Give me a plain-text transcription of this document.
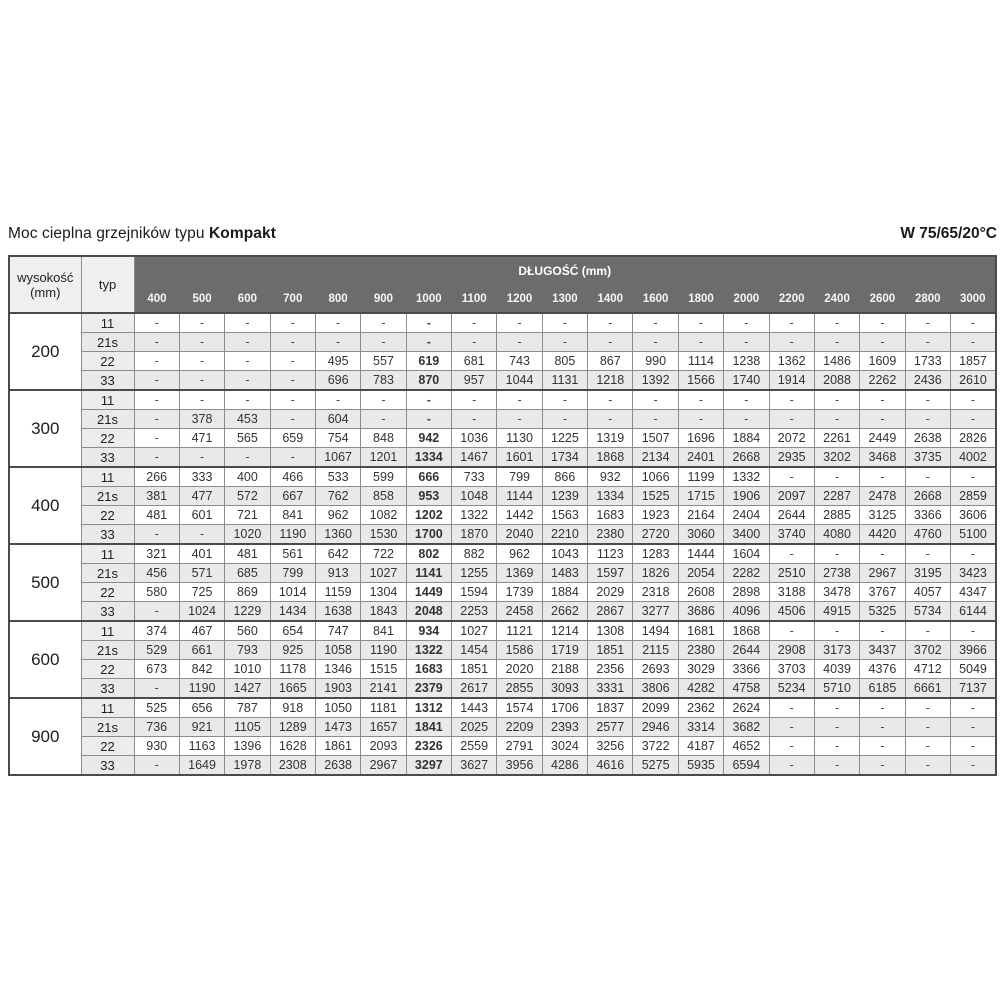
Moc cieplna grzejników typu Kompakt	W 75/65/20°C
wysokość (mm)	typ	DŁUGOŚĆ (mm)																		
		400	500	600	700	800	900	1000	1100	1200	1300	1400	1600	1800	2000	2200	2400	2600	2800	3000
200	11	-	-	-	-	-	-	-	-	-	-	-	-	-	-	-	-	-	-	-
	21s	-	-	-	-	-	-	-	-	-	-	-	-	-	-	-	-	-	-	-
	22	-	-	-	-	495	557	619	681	743	805	867	990	1114	1238	1362	1486	1609	1733	1857
	33	-	-	-	-	696	783	870	957	1044	1131	1218	1392	1566	1740	1914	2088	2262	2436	2610
300	11	-	-	-	-	-	-	-	-	-	-	-	-	-	-	-	-	-	-	-
	21s	-	378	453	-	604	-	-	-	-	-	-	-	-	-	-	-	-	-	-
	22	-	471	565	659	754	848	942	1036	1130	1225	1319	1507	1696	1884	2072	2261	2449	2638	2826
	33	-	-	-	-	1067	1201	1334	1467	1601	1734	1868	2134	2401	2668	2935	3202	3468	3735	4002
400	11	266	333	400	466	533	599	666	733	799	866	932	1066	1199	1332	-	-	-	-	-
	21s	381	477	572	667	762	858	953	1048	1144	1239	1334	1525	1715	1906	2097	2287	2478	2668	2859
	22	481	601	721	841	962	1082	1202	1322	1442	1563	1683	1923	2164	2404	2644	2885	3125	3366	3606
	33	-	-	1020	1190	1360	1530	1700	1870	2040	2210	2380	2720	3060	3400	3740	4080	4420	4760	5100
500	11	321	401	481	561	642	722	802	882	962	1043	1123	1283	1444	1604	-	-	-	-	-
	21s	456	571	685	799	913	1027	1141	1255	1369	1483	1597	1826	2054	2282	2510	2738	2967	3195	3423
	22	580	725	869	1014	1159	1304	1449	1594	1739	1884	2029	2318	2608	2898	3188	3478	3767	4057	4347
	33	-	1024	1229	1434	1638	1843	2048	2253	2458	2662	2867	3277	3686	4096	4506	4915	5325	5734	6144
600	11	374	467	560	654	747	841	934	1027	1121	1214	1308	1494	1681	1868	-	-	-	-	-
	21s	529	661	793	925	1058	1190	1322	1454	1586	1719	1851	2115	2380	2644	2908	3173	3437	3702	3966
	22	673	842	1010	1178	1346	1515	1683	1851	2020	2188	2356	2693	3029	3366	3703	4039	4376	4712	5049
	33	-	1190	1427	1665	1903	2141	2379	2617	2855	3093	3331	3806	4282	4758	5234	5710	6185	6661	7137
900	11	525	656	787	918	1050	1181	1312	1443	1574	1706	1837	2099	2362	2624	-	-	-	-	-
	21s	736	921	1105	1289	1473	1657	1841	2025	2209	2393	2577	2946	3314	3682	-	-	-	-	-
	22	930	1163	1396	1628	1861	2093	2326	2559	2791	3024	3256	3722	4187	4652	-	-	-	-	-
	33	-	1649	1978	2308	2638	2967	3297	3627	3956	4286	4616	5275	5935	6594	-	-	-	-	-
